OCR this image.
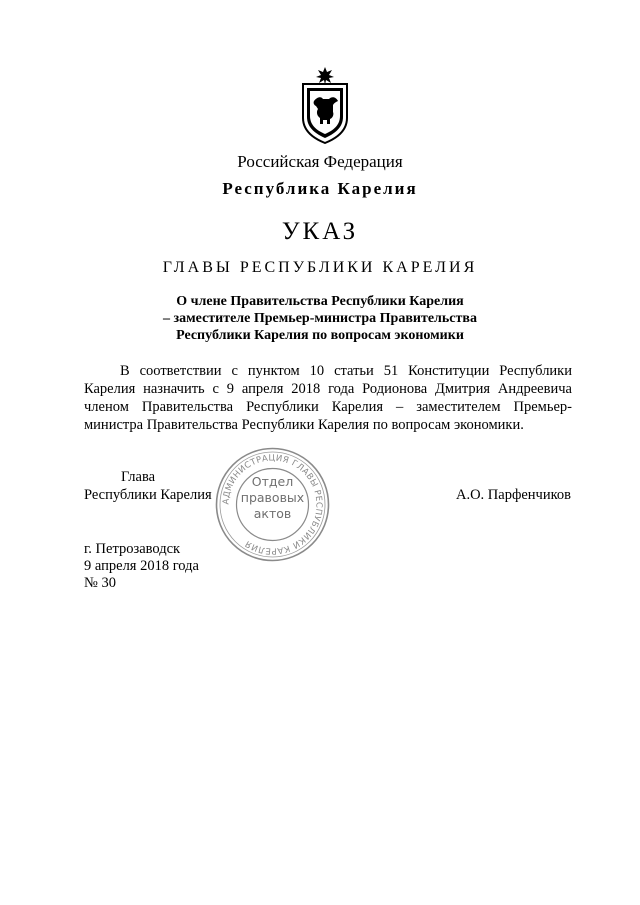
Российская Федерация
Республика Карелия
УКАЗ
ГЛАВЫ РЕСПУБЛИКИ КАРЕЛИЯ
О члене Правительства Республики Карелия
– заместителе Премьер-министра Правительства
Республики Карелия по вопросам экономики
В соответствии с пунктом 10 статьи 51 Конституции Республики
Карелия назначить с 9 апреля 2018 года Родионова Дмитрия Андреевича
членом Правительства Республики Карелия – заместителем Премьер-
министра Правительства Республики Карелия по вопросам экономики.
АДМИНИСТРАЦИЯ ГЛАВЫ РЕСПУБЛИКИ КАРЕЛИЯ
Отдел
правовых
актов
Глава
Республики Карелия	А.О. Парфенчиков
г. Петрозаводск
9 апреля 2018 года
№ 30
